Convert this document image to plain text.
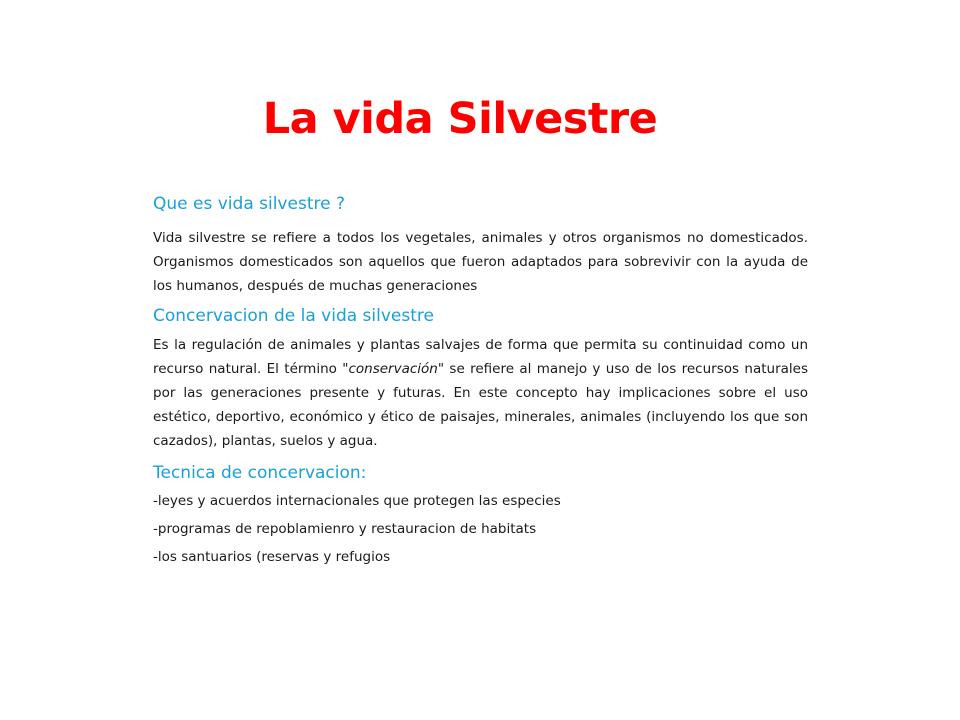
La vida Silvestre

Que es vida silvestre ?

Vida silvestre se refiere a todos los vegetales, animales y otros organismos no domesticados. Organismos domesticados son aquellos que fueron adaptados para sobrevivir con la ayuda de los humanos, después de muchas generaciones

Concervacion de la vida silvestre

Es la regulación de animales y plantas salvajes de forma que permita su continuidad como un recurso natural. El término "conservación" se refiere al manejo y uso de los recursos naturales por las generaciones presente y futuras. En este concepto hay implicaciones sobre el uso estético, deportivo, económico y ético de paisajes, minerales, animales (incluyendo los que son cazados), plantas, suelos y agua.

Tecnica de concervacion:

-leyes y acuerdos internacionales que protegen las especies

-programas de repoblamienro y restauracion de habitats

-los santuarios (reservas y refugios
